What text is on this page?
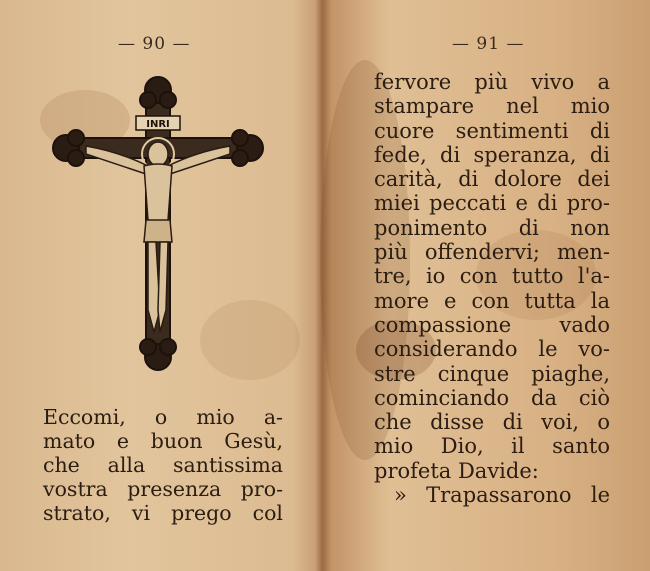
— 90 —
INRI
Eccomi, o mio a-
mato e buon Gesù,
che alla santissima
vostra presenza pro-
strato, vi prego col
— 91 —
fervore più vivo a
stampare nel mio
cuore sentimenti di
fede, di speranza, di
carità, di dolore dei
miei peccati e di pro-
ponimento di non
più offendervi; men-
tre, io con tutto l'a-
more e con tutta la
compassione vado
considerando le vo-
stre cinque piaghe,
cominciando da ciò
che disse di voi, o
mio Dio, il santo
profeta Davide:
» Trapassarono le
